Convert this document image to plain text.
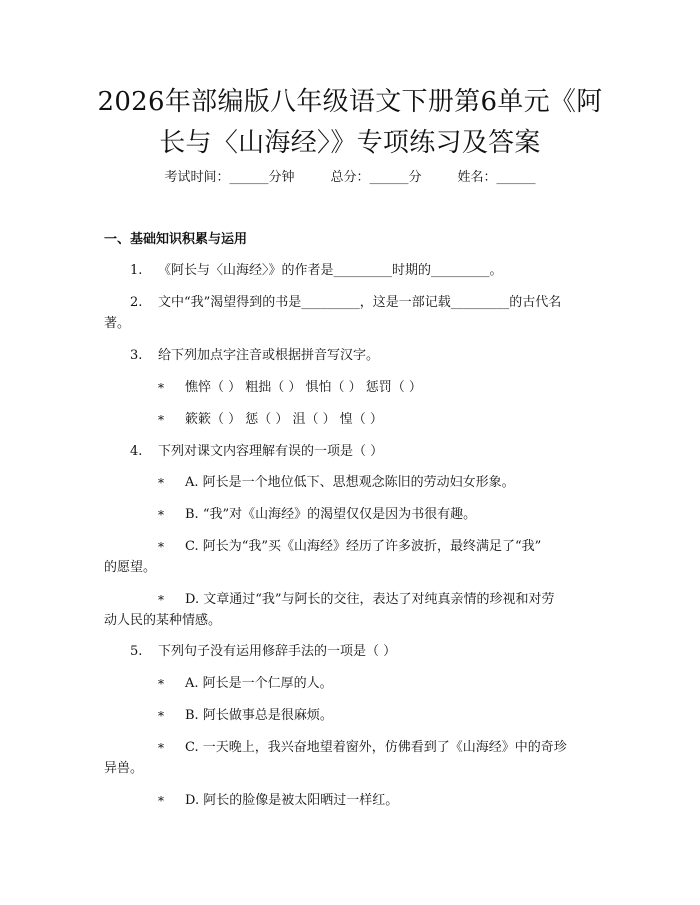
2026年部编版八年级语文下册第6单元《阿
长与〈山海经〉》专项练习及答案
考试时间：______分钟	总分：______分	姓名：______
一、基础知识积累与运用
1. 《阿长与〈山海经〉》的作者是_________时期的_________。
2. 文中“我”渴望得到的书是_________，这是一部记载_________的古代名
著。
3. 给下列加点字注音或根据拼音写汉字。
* 憔悴（ ） 粗拙（ ） 惧怕（ ） 惩罚（ ）
* 簌簌（ ） 惩（ ） 沮（ ） 惶（ ）
4. 下列对课文内容理解有误的一项是（ ）
* A. 阿长是一个地位低下、思想观念陈旧的劳动妇女形象。
* B. “我”对《山海经》的渴望仅仅是因为书很有趣。
* C. 阿长为“我”买《山海经》经历了许多波折，最终满足了“我”
的愿望。
* D. 文章通过“我”与阿长的交往，表达了对纯真亲情的珍视和对劳
动人民的某种情感。
5. 下列句子没有运用修辞手法的一项是（ ）
* A. 阿长是一个仁厚的人。
* B. 阿长做事总是很麻烦。
* C. 一天晚上，我兴奋地望着窗外，仿佛看到了《山海经》中的奇珍
异兽。
* D. 阿长的脸像是被太阳晒过一样红。
